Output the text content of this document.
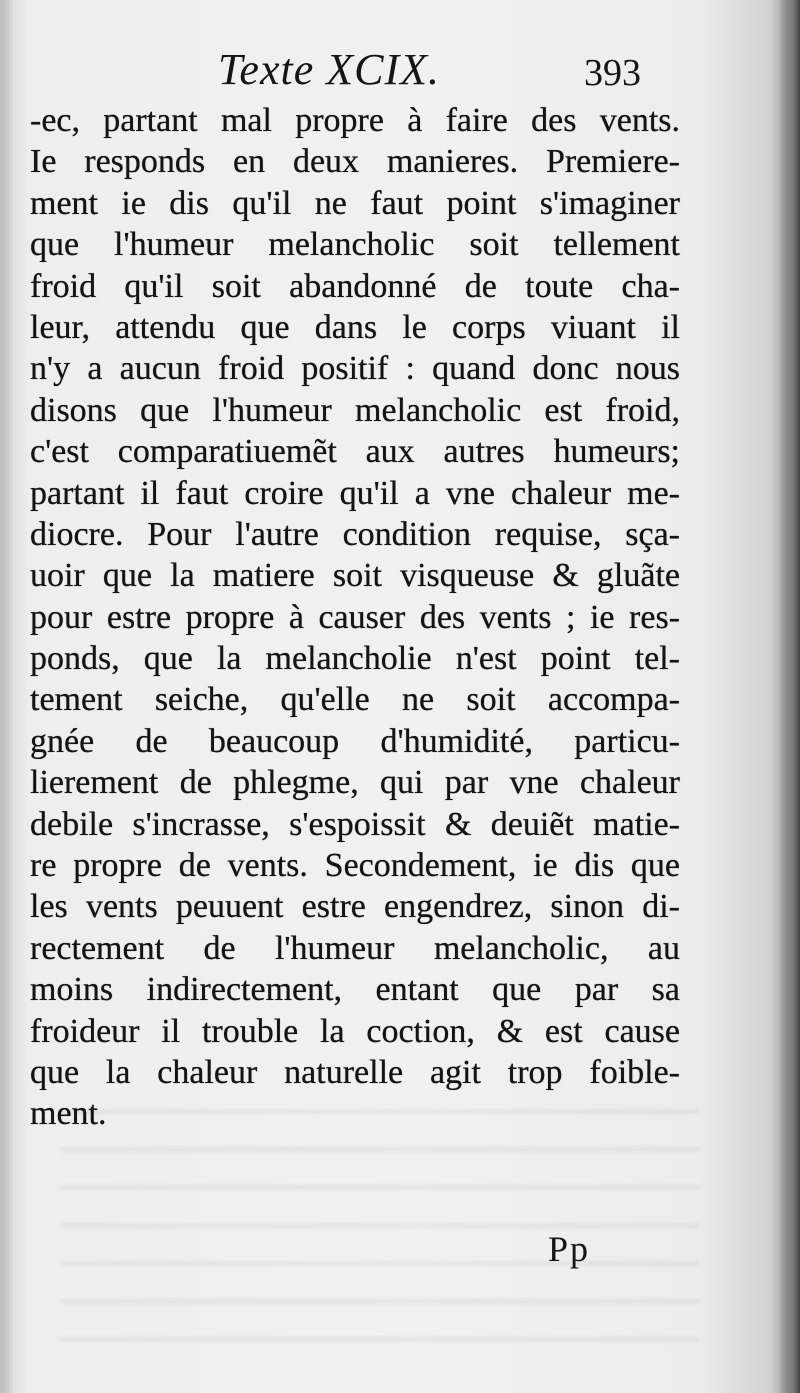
Texte XCIX.	393
-ec, partant mal propre à faire des vents.
Ie responds en deux manieres. Premiere-
ment ie dis qu'il ne faut point s'imaginer
que l'humeur melancholic soit tellement
froid qu'il soit abandonné de toute cha-
leur, attendu que dans le corps viuant il
n'y a aucun froid positif : quand donc nous
disons que l'humeur melancholic est froid,
c'est comparatiuemẽt aux autres humeurs;
partant il faut croire qu'il a vne chaleur me-
diocre. Pour l'autre condition requise, sça-
uoir que la matiere soit visqueuse & gluãte
pour estre propre à causer des vents ; ie res-
ponds, que la melancholie n'est point tel-
tement seiche, qu'elle ne soit accompa-
gnée de beaucoup d'humidité, particu-
lierement de phlegme, qui par vne chaleur
debile s'incrasse, s'espoissit & deuiẽt matie-
re propre de vents. Secondement, ie dis que
les vents peuuent estre engendrez, sinon di-
rectement de l'humeur melancholic, au
moins indirectement, entant que par sa
froideur il trouble la coction, & est cause
que la chaleur naturelle agit trop foible-
ment.
Pp
